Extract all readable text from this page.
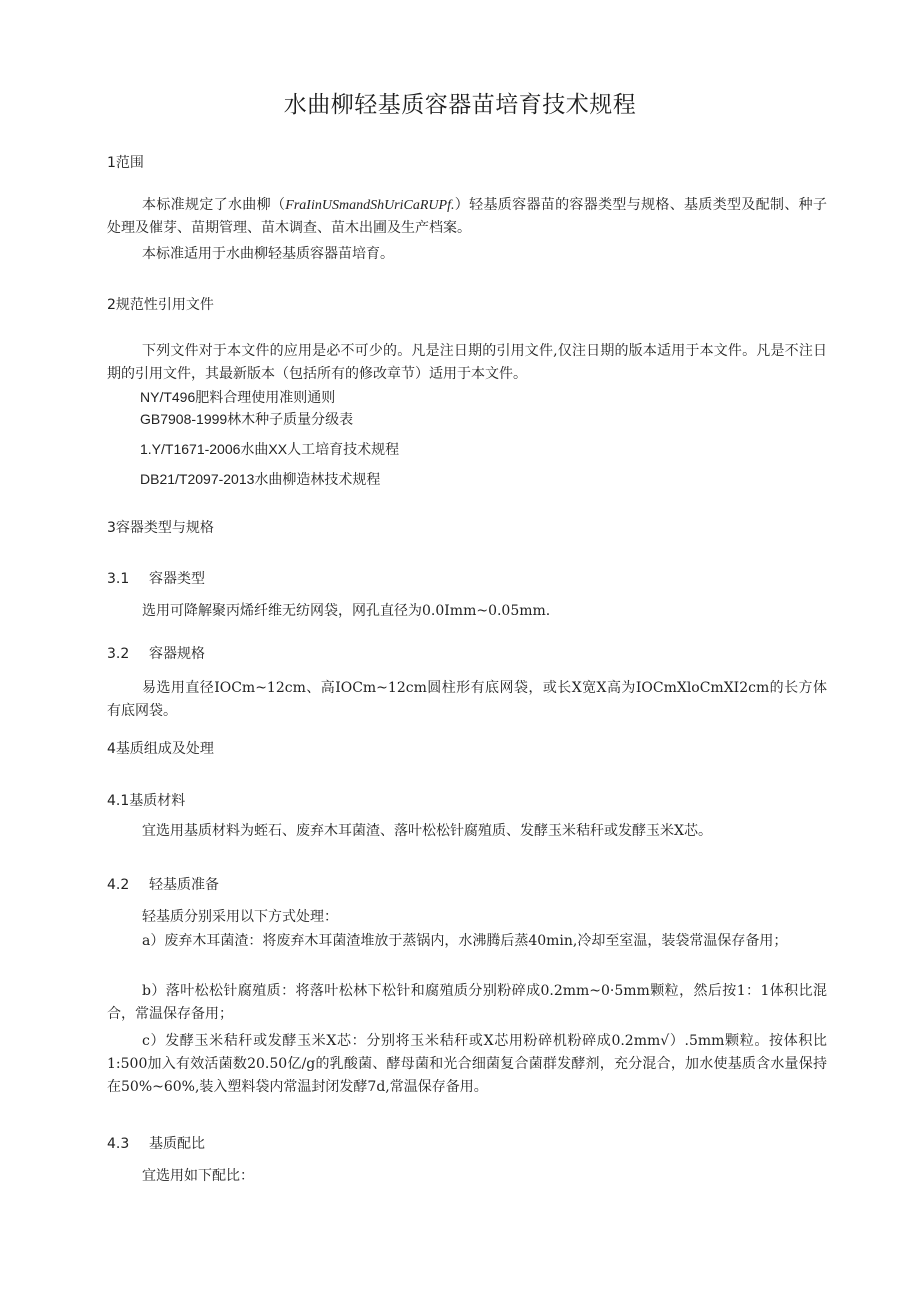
水曲柳轻基质容器苗培育技术规程
1范围
本标准规定了水曲柳（FraIinUSmandShUriCaRUPf.）轻基质容器苗的容器类型与规格、基质类型及配制、种子处理及催芽、苗期管理、苗木调查、苗木出圃及生产档案。
本标准适用于水曲柳轻基质容器苗培育。
2规范性引用文件
下列文件对于本文件的应用是必不可少的。凡是注日期的引用文件,仅注日期的版本适用于本文件。凡是不注日期的引用文件，其最新版本（包括所有的修改章节）适用于本文件。
NY/T496肥料合理使用准则通则
GB7908-1999林木种子质量分级表
1.Y/T1671-2006水曲XX人工培育技术规程
DB21/T2097-2013水曲柳造林技术规程
3容器类型与规格
3.1 容器类型
选用可降解聚丙烯纤维无纺网袋，网孔直径为0.0Imm~0.05mm.
3.2 容器规格
易选用直径IOCm~12cm、高IOCm~12cm圆柱形有底网袋，或长X宽X高为IOCmXloCmXI2cm的长方体有底网袋。
4基质组成及处理
4.1基质材料
宜选用基质材料为蛭石、废弃木耳菌渣、落叶松松针腐殖质、发酵玉米秸秆或发酵玉米X芯。
4.2 轻基质准备
轻基质分别采用以下方式处理：
a）废弃木耳菌渣：将废弃木耳菌渣堆放于蒸锅内，水沸腾后蒸40min,冷却至室温，装袋常温保存备用；
b）落叶松松针腐殖质：将落叶松林下松针和腐殖质分别粉碎成0.2mm~0·5mm颗粒，然后按1：1体积比混合，常温保存备用；
c）发酵玉米秸秆或发酵玉米X芯：分别将玉米秸秆或X芯用粉碎机粉碎成0.2mm√）.5mm颗粒。按体积比1:500加入有效活菌数20.50亿/g的乳酸菌、酵母菌和光合细菌复合菌群发酵剂，充分混合，加水使基质含水量保持在50%~60%,装入塑料袋内常温封闭发酵7d,常温保存备用。
4.3 基质配比
宜选用如下配比：
